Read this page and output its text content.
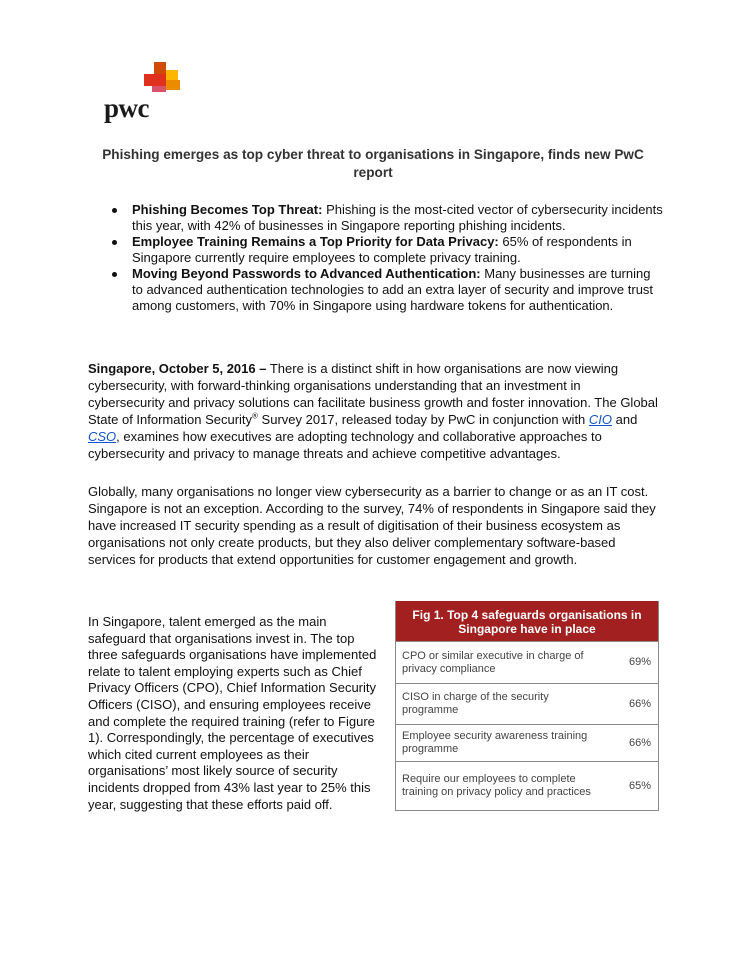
pwc
Phishing emerges as top cyber threat to organisations in Singapore, finds new PwC report
Phishing Becomes Top Threat: Phishing is the most-cited vector of cybersecurity incidents this year, with 42% of businesses in Singapore reporting phishing incidents.
Employee Training Remains a Top Priority for Data Privacy: 65% of respondents in Singapore currently require employees to complete privacy training.
Moving Beyond Passwords to Advanced Authentication: Many businesses are turning to advanced authentication technologies to add an extra layer of security and improve trust among customers, with 70% in Singapore using hardware tokens for authentication.

Singapore, October 5, 2016 – There is a distinct shift in how organisations are now viewing cybersecurity, with forward-thinking organisations understanding that an investment in cybersecurity and privacy solutions can facilitate business growth and foster innovation. The Global State of Information Security® Survey 2017, released today by PwC in conjunction with CIO and CSO, examines how executives are adopting technology and collaborative approaches to cybersecurity and privacy to manage threats and achieve competitive advantages.

Globally, many organisations no longer view cybersecurity as a barrier to change or as an IT cost. Singapore is not an exception. According to the survey, 74% of respondents in Singapore said they have increased IT security spending as a result of digitisation of their business ecosystem as organisations not only create products, but they also deliver complementary software-based services for products that extend opportunities for customer engagement and growth.

In Singapore, talent emerged as the main safeguard that organisations invest in. The top three safeguards organisations have implemented relate to talent employing experts such as Chief Privacy Officers (CPO), Chief Information Security Officers (CISO), and ensuring employees receive and complete the required training (refer to Figure 1). Correspondingly, the percentage of executives which cited current employees as their organisations’ most likely source of security incidents dropped from 43% last year to 25% this year, suggesting that these efforts paid off.

Fig 1. Top 4 safeguards organisations in Singapore have in place
CPO or similar executive in charge of privacy compliance
69%
CISO in charge of the security programme
66%
Employee security awareness training programme
66%
Require our employees to complete training on privacy policy and practices
65%
